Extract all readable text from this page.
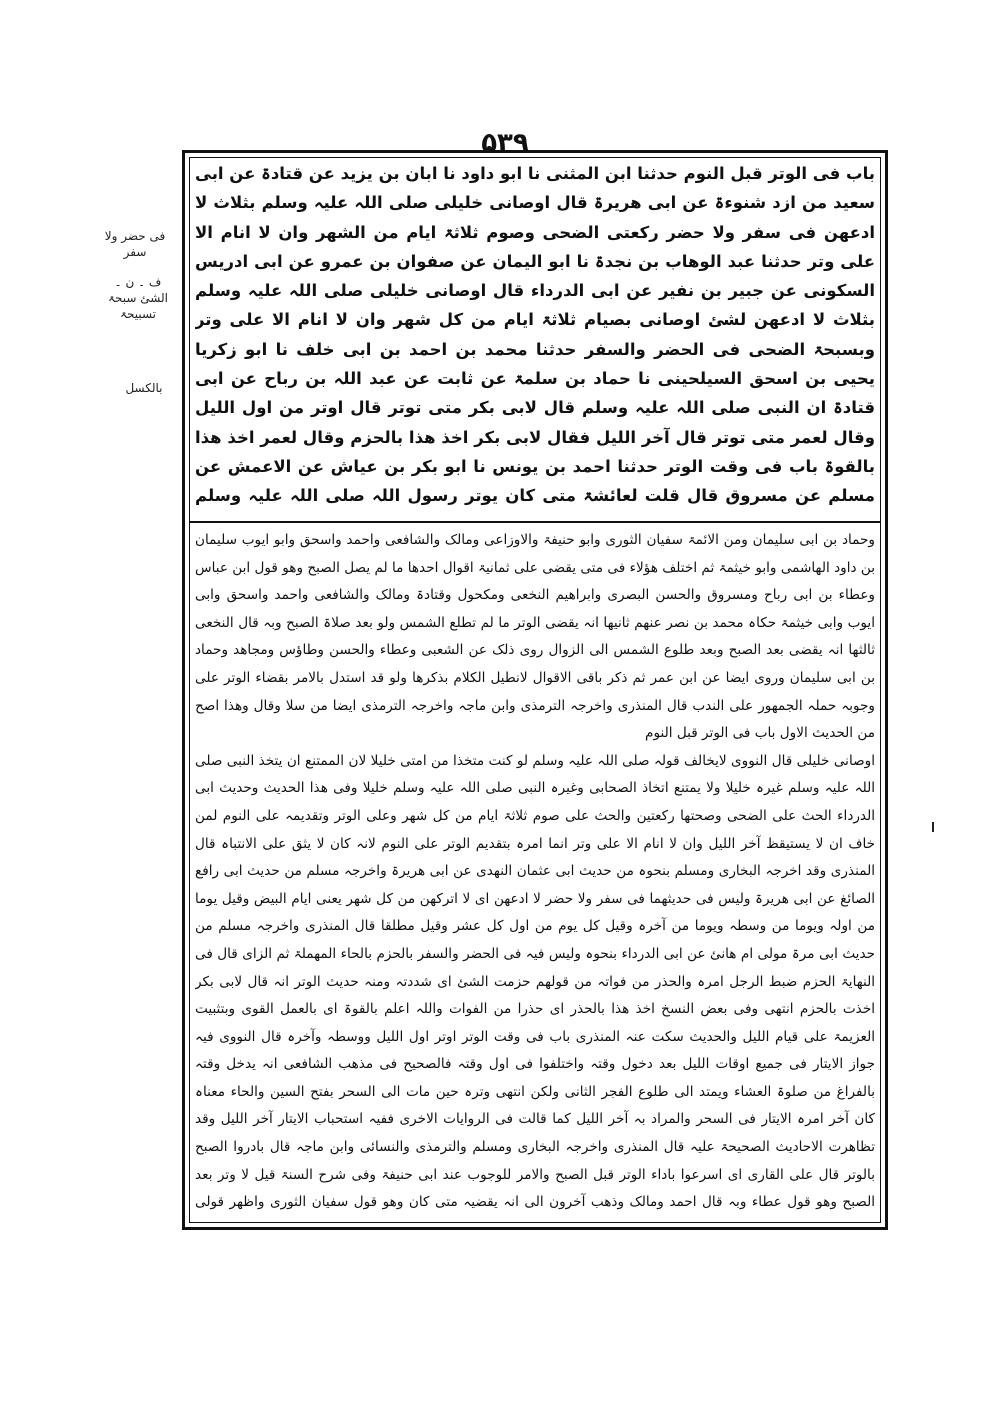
۵۳۹
فی حضر ولا سفر
ف ۔ ن ۔ الشئ سبحۃ تسبیحۃ
بالکسل

باب فی الوتر قبل النوم حدثنا ابن المثنی نا ابو داود نا ابان بن یزید عن قتادۃ عن ابی سعید من ازد شنوءۃ عن ابی ھریرۃ قال اوصانی خلیلی صلی اللہ علیہ وسلم بثلاث لا ادعھن فی سفر ولا حضر رکعتی الضحی وصوم ثلاثۃ ایام من الشھر وان لا انام الا علی وتر حدثنا عبد الوھاب بن نجدۃ نا ابو الیمان عن صفوان بن عمرو عن ابی ادریس السکونی عن جبیر بن نفیر عن ابی الدرداء قال اوصانی خلیلی صلی اللہ علیہ وسلم بثلاث لا ادعھن لشئ اوصانی بصیام ثلاثۃ ایام من کل شھر وان لا انام الا علی وتر وبسبحۃ الضحی فی الحضر والسفر حدثنا محمد بن احمد بن ابی خلف نا ابو زکریا یحیی بن اسحق السیلحینی نا حماد بن سلمۃ عن ثابت عن عبد اللہ بن رباح عن ابی قتادۃ ان النبی صلی اللہ علیہ وسلم قال لابی بکر متی توتر قال اوتر من اول اللیل وقال لعمر متی توتر قال آخر اللیل فقال لابی بکر اخذ ھذا بالحزم وقال لعمر اخذ ھذا بالقوۃ باب فی وقت الوتر حدثنا احمد بن یونس نا ابو بکر بن عیاش عن الاعمش عن مسلم عن مسروق قال قلت لعائشۃ متی کان یوتر رسول اللہ صلی اللہ علیہ وسلم

وحماد بن ابی سلیمان ومن الائمۃ سفیان الثوری وابو حنیفۃ والاوزاعی ومالک والشافعی واحمد واسحق وابو ایوب سلیمان بن داود الھاشمی وابو خیثمۃ ثم اختلف ھؤلاء فی متی یقضی علی ثمانیۃ اقوال احدھا ما لم یصل الصبح وھو قول ابن عباس وعطاء بن ابی رباح ومسروق والحسن البصری وابراھیم النخعی ومکحول وقتادۃ ومالک والشافعی واحمد واسحق وابی ایوب وابی خیثمۃ حکاہ محمد بن نصر عنھم ثانیھا انہ یقضی الوتر ما لم تطلع الشمس ولو بعد صلاۃ الصبح وبہ قال النخعی ثالثھا انہ یقضی بعد الصبح وبعد طلوع الشمس الی الزوال روی ذلک عن الشعبی وعطاء والحسن وطاؤس ومجاھد وحماد بن ابی سلیمان وروی ایضا عن ابن عمر ثم ذکر باقی الاقوال لانطیل الکلام بذکرھا ولو قد استدل بالامر بقضاء الوتر علی وجوبہ حملہ الجمھور علی الندب قال المنذری واخرجہ الترمذی وابن ماجہ واخرجہ الترمذی ایضا من سلا وقال وھذا اصح من الحدیث الاول باب فی الوتر قبل النوم

اوصانی خلیلی قال النووی لایخالف قولہ صلی اللہ علیہ وسلم لو کنت متخذا من امتی خلیلا لان الممتنع ان یتخذ النبی صلی اللہ علیہ وسلم غیرہ خلیلا ولا یمتنع اتخاذ الصحابی وغیرہ النبی صلی اللہ علیہ وسلم خلیلا وفی ھذا الحدیث وحدیث ابی الدرداء الحث علی الضحی وصحتھا رکعتین والحث علی صوم ثلاثۃ ایام من کل شھر وعلی الوتر وتقدیمہ علی النوم لمن خاف ان لا یستیقظ آخر اللیل وان لا انام الا علی وتر انما امرہ بتقدیم الوتر علی النوم لانہ کان لا یثق علی الانتباہ قال المنذری وقد اخرجہ البخاری ومسلم بنحوہ من حدیث ابی عثمان النھدی عن ابی ھریرۃ واخرجہ مسلم من حدیث ابی رافع الصائغ عن ابی ھریرۃ ولیس فی حدیثھما فی سفر ولا حضر لا ادعھن ای لا اترکھن من کل شھر یعنی ایام البیض وقیل یوما من اولہ ویوما من وسطہ ویوما من آخرہ وقیل کل یوم من اول کل عشر وقیل مطلقا قال المنذری واخرجہ مسلم من حدیث ابی مرۃ مولی ام ھانئ عن ابی الدرداء بنحوہ ولیس فیہ فی الحضر والسفر بالحزم بالحاء المھملۃ ثم الزای قال فی النھایۃ الحزم ضبط الرجل امرہ والحذر من فواتہ من قولھم حزمت الشئ ای شددتہ ومنہ حدیث الوتر انہ قال لابی بکر اخذت بالحزم انتھی وفی بعض النسخ اخذ ھذا بالحذر ای حذرا من الفوات واللہ اعلم بالقوۃ ای بالعمل القوی وبتثبیت العزیمۃ علی قیام اللیل والحدیث سکت عنہ المنذری باب فی وقت الوتر اوتر اول اللیل ووسطہ وآخرہ قال النووی فیہ جواز الایتار فی جمیع اوقات اللیل بعد دخول وقتہ واختلفوا فی اول وقتہ فالصحیح فی مذھب الشافعی انہ یدخل وقتہ بالفراغ من صلوۃ العشاء ویمتد الی طلوع الفجر الثانی ولکن انتھی وترہ حین مات الی السحر بفتح السین والحاء معناہ کان آخر امرہ الایتار فی السحر والمراد بہ آخر اللیل کما قالت فی الروایات الاخری ففیہ استحباب الایتار آخر اللیل وقد تظاھرت الاحادیث الصحیحۃ علیہ قال المنذری واخرجہ البخاری ومسلم والترمذی والنسائی وابن ماجہ قال بادروا الصبح بالوتر قال علی القاری ای اسرعوا باداء الوتر قبل الصبح والامر للوجوب عند ابی حنیفۃ وفی شرح السنۃ قیل لا وتر بعد الصبح وھو قول عطاء وبہ قال احمد ومالک وذھب آخرون الی انہ یقضیہ متی کان وھو قول سفیان الثوری واظھر قولی
